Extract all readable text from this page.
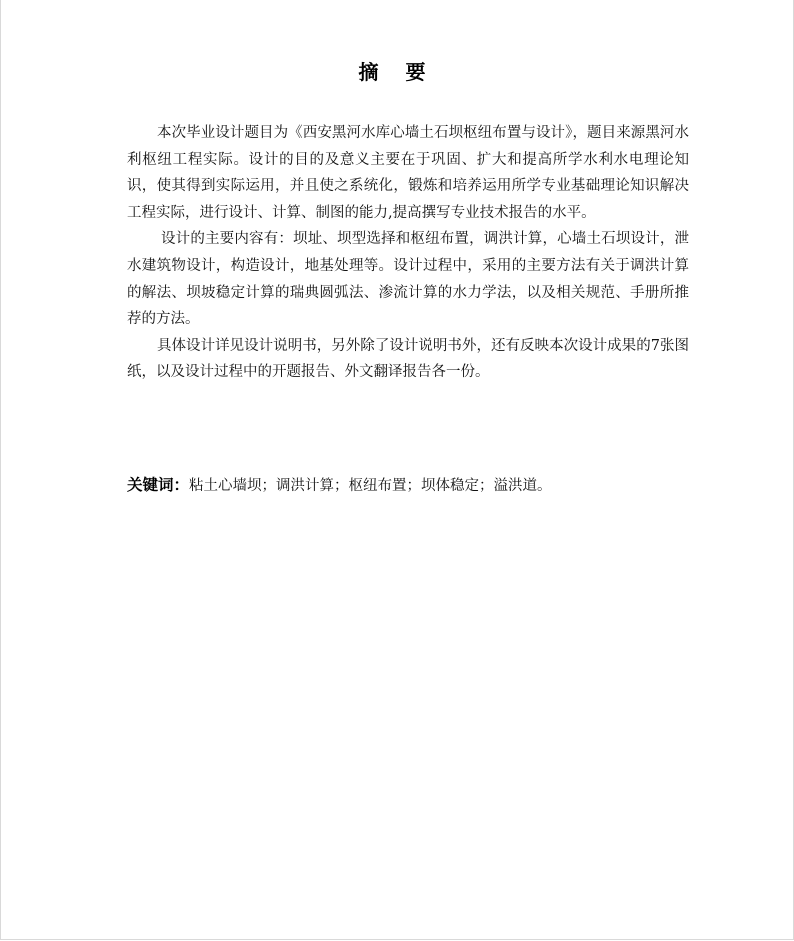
摘 要

本次毕业设计题目为《西安黑河水库心墙土石坝枢纽布置与设计》，题目来源黑河水利枢纽工程实际。设计的目的及意义主要在于巩固、扩大和提高所学水利水电理论知识，使其得到实际运用，并且使之系统化，锻炼和培养运用所学专业基础理论知识解决工程实际，进行设计、计算、制图的能力,提高撰写专业技术报告的水平。

设计的主要内容有：坝址、坝型选择和枢纽布置，调洪计算，心墙土石坝设计，泄水建筑物设计，构造设计，地基处理等。设计过程中，采用的主要方法有关于调洪计算的解法、坝坡稳定计算的瑞典圆弧法、渗流计算的水力学法，以及相关规范、手册所推荐的方法。

具体设计详见设计说明书，另外除了设计说明书外，还有反映本次设计成果的7张图纸，以及设计过程中的开题报告、外文翻译报告各一份。

关键词：粘土心墙坝；调洪计算；枢纽布置；坝体稳定；溢洪道。
